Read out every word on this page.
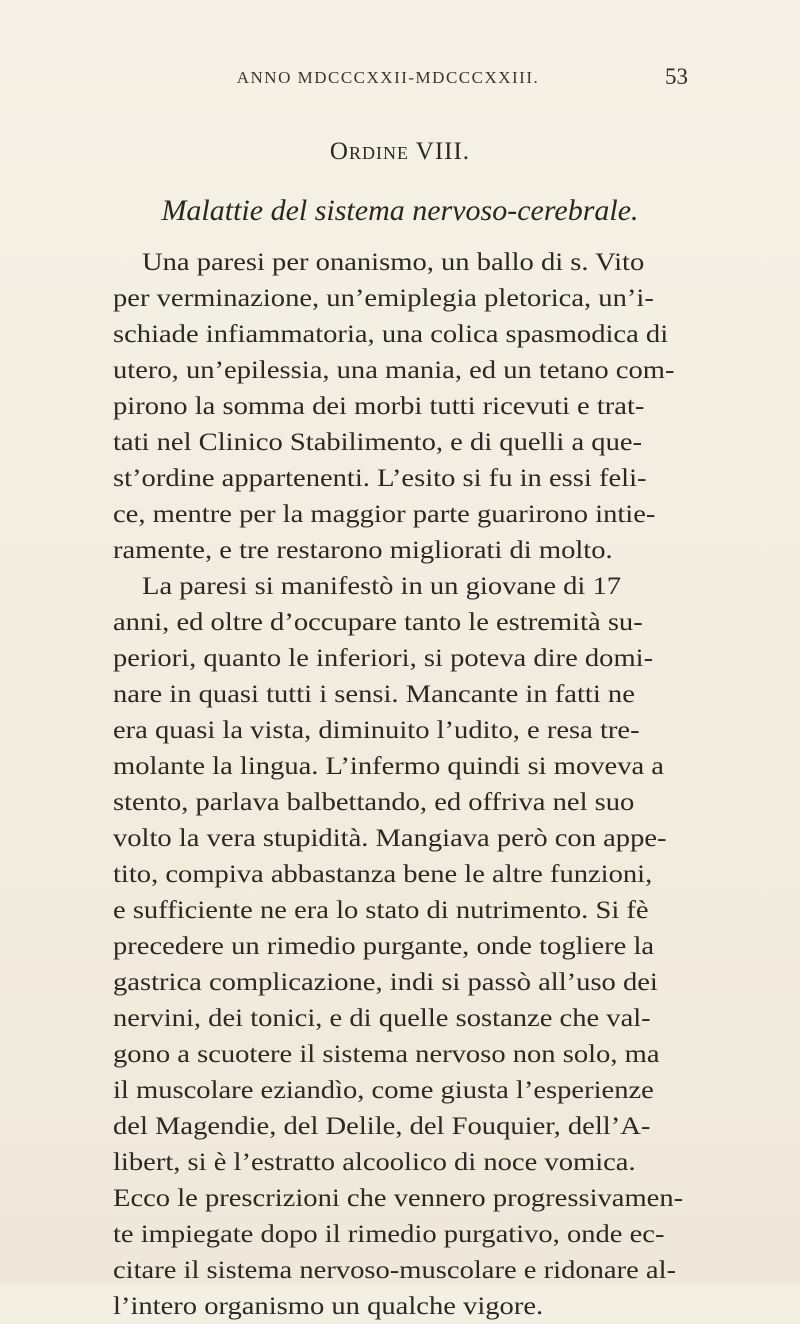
ANNO MDCCCXXII-MDCCCXXIII.	53
Ordine VIII.
Malattie del sistema nervoso-cerebrale.
Una paresi per onanismo, un ballo di s. Vito
per verminazione, un’emiplegia pletorica, un’i-
schiade infiammatoria, una colica spasmodica di
utero, un’epilessia, una mania, ed un tetano com-
pirono la somma dei morbi tutti ricevuti e trat-
tati nel Clinico Stabilimento, e di quelli a que-
st’ordine appartenenti. L’esito si fu in essi feli-
ce, mentre per la maggior parte guarirono intie-
ramente, e tre restarono migliorati di molto.
La paresi si manifestò in un giovane di 17
anni, ed oltre d’occupare tanto le estremità su-
periori, quanto le inferiori, si poteva dire domi-
nare in quasi tutti i sensi. Mancante in fatti ne
era quasi la vista, diminuito l’udito, e resa tre-
molante la lingua. L’infermo quindi si moveva a
stento, parlava balbettando, ed offriva nel suo
volto la vera stupidità. Mangiava però con appe-
tito, compiva abbastanza bene le altre funzioni,
e sufficiente ne era lo stato di nutrimento. Si fè
precedere un rimedio purgante, onde togliere la
gastrica complicazione, indi si passò all’uso dei
nervini, dei tonici, e di quelle sostanze che val-
gono a scuotere il sistema nervoso non solo, ma
il muscolare eziandìo, come giusta l’esperienze
del Magendie, del Delile, del Fouquier, dell’A-
libert, si è l’estratto alcoolico di noce vomica.
Ecco le prescrizioni che vennero progressivamen-
te impiegate dopo il rimedio purgativo, onde ec-
citare il sistema nervoso-muscolare e ridonare al-
l’intero organismo un qualche vigore.
